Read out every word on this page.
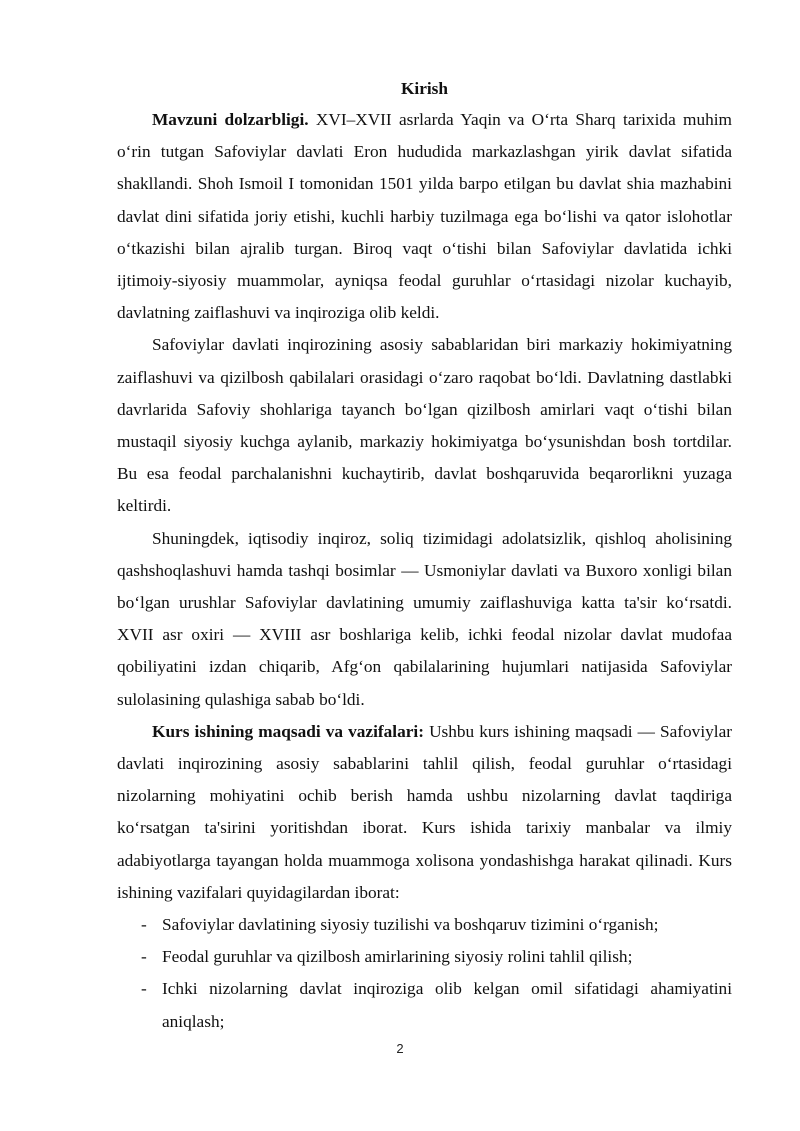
Kirish

Mavzuni dolzarbligi. XVI–XVII asrlarda Yaqin va O‘rta Sharq tarixida muhim o‘rin tutgan Safoviylar davlati Eron hududida markazlashgan yirik davlat sifatida shakllandi. Shoh Ismoil I tomonidan 1501 yilda barpo etilgan bu davlat shia mazhabini davlat dini sifatida joriy etishi, kuchli harbiy tuzilmaga ega bo‘lishi va qator islohotlar o‘tkazishi bilan ajralib turgan. Biroq vaqt o‘tishi bilan Safoviylar davlatida ichki ijtimoiy-siyosiy muammolar, ayniqsa feodal guruhlar o‘rtasidagi nizolar kuchayib, davlatning zaiflashuvi va inqiroziga olib keldi.

Safoviylar davlati inqirozining asosiy sabablaridan biri markaziy hokimiyatning zaiflashuvi va qizilbosh qabilalari orasidagi o‘zaro raqobat bo‘ldi. Davlatning dastlabki davrlarida Safoviy shohlariga tayanch bo‘lgan qizilbosh amirlari vaqt o‘tishi bilan mustaqil siyosiy kuchga aylanib, markaziy hokimiyatga bo‘ysunishdan bosh tortdilar. Bu esa feodal parchalanishni kuchaytirib, davlat boshqaruvida beqarorlikni yuzaga keltirdi.

Shuningdek, iqtisodiy inqiroz, soliq tizimidagi adolatsizlik, qishloq aholisining qashshoqlashuvi hamda tashqi bosimlar — Usmoniylar davlati va Buxoro xonligi bilan bo‘lgan urushlar Safoviylar davlatining umumiy zaiflashuviga katta ta'sir ko‘rsatdi. XVII asr oxiri — XVIII asr boshlariga kelib, ichki feodal nizolar davlat mudofaa qobiliyatini izdan chiqarib, Afg‘on qabilalarining hujumlari natijasida Safoviylar sulolasining qulashiga sabab bo‘ldi.

Kurs ishining maqsadi va vazifalari: Ushbu kurs ishining maqsadi — Safoviylar davlati inqirozining asosiy sabablarini tahlil qilish, feodal guruhlar o‘rtasidagi nizolarning mohiyatini ochib berish hamda ushbu nizolarning davlat taqdiriga ko‘rsatgan ta'sirini yoritishdan iborat. Kurs ishida tarixiy manbalar va ilmiy adabiyotlarga tayangan holda muammoga xolisona yondashishga harakat qilinadi. Kurs ishining vazifalari quyidagilardan iborat:

- Safoviylar davlatining siyosiy tuzilishi va boshqaruv tizimini o‘rganish;
- Feodal guruhlar va qizilbosh amirlarining siyosiy rolini tahlil qilish;
- Ichki nizolarning davlat inqiroziga olib kelgan omil sifatidagi ahamiyatini aniqlash;
2
